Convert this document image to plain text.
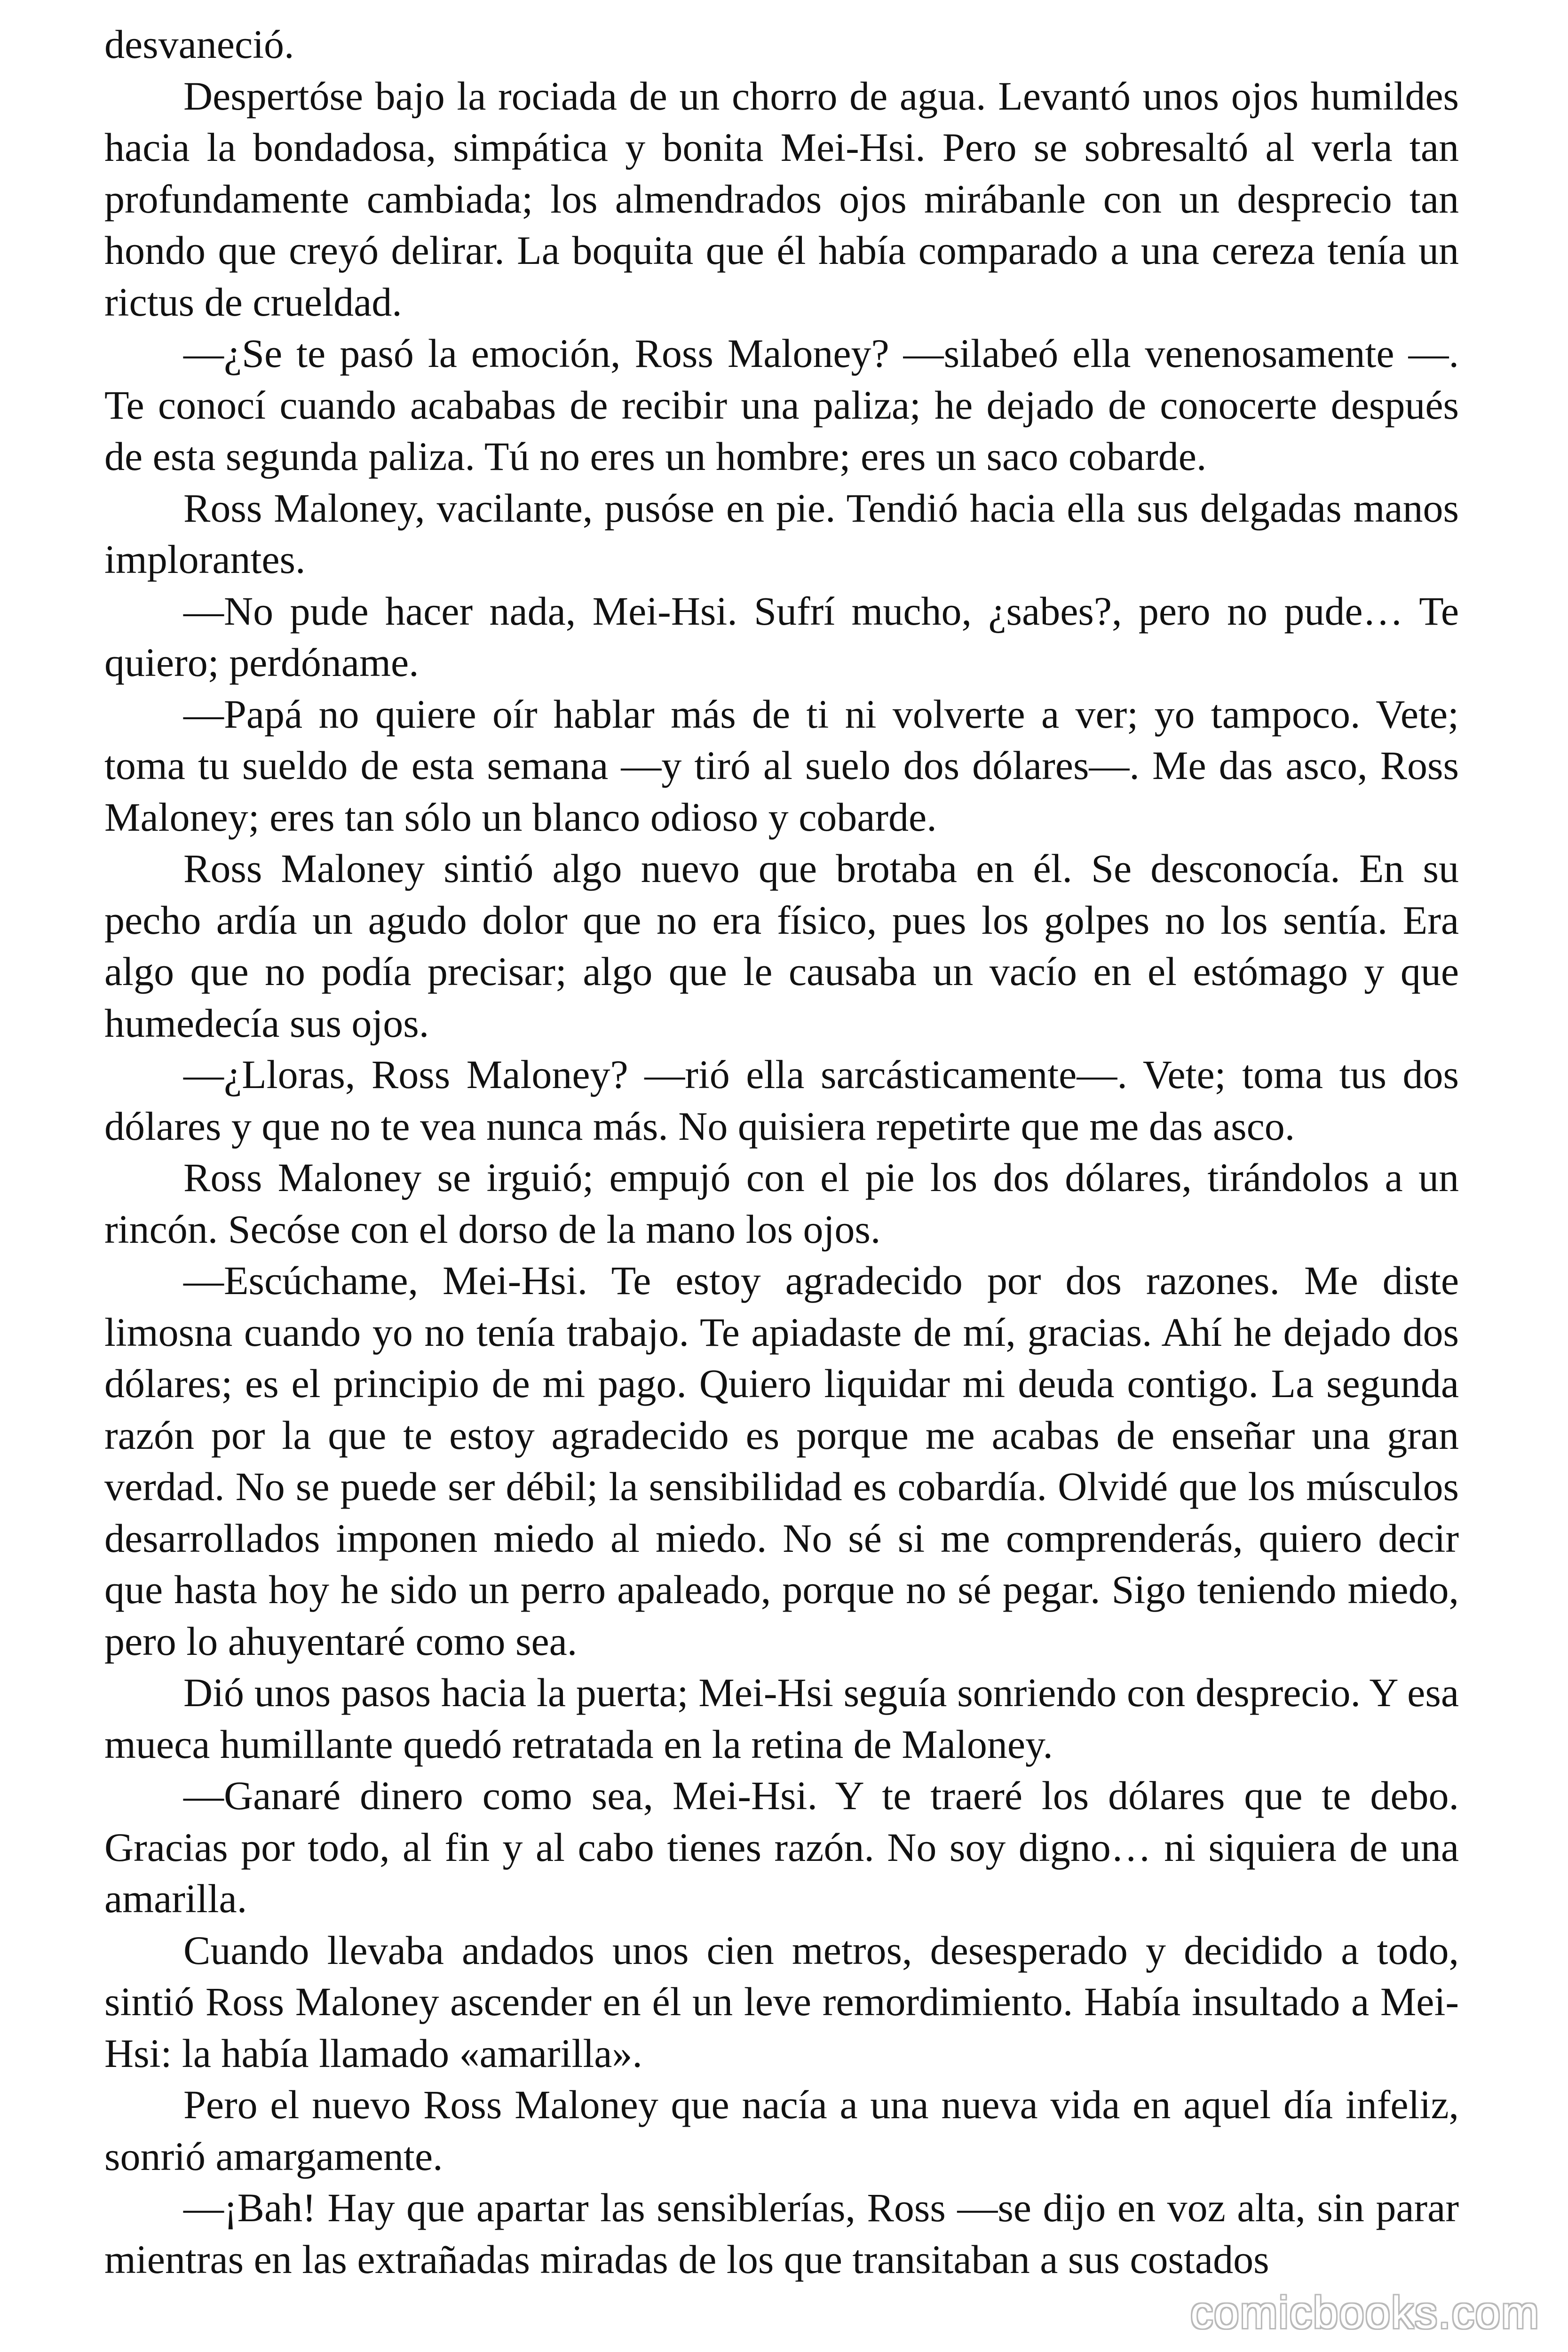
desvaneció.

Despertóse bajo la rociada de un chorro de agua. Levantó unos ojos humildes hacia la bondadosa, simpática y bonita Mei-Hsi. Pero se sobresaltó al verla tan profundamente cambiada; los almendrados ojos mirábanle con un desprecio tan hondo que creyó delirar. La boquita que él había comparado a una cereza tenía un rictus de crueldad.

—¿Se te pasó la emoción, Ross Maloney? —silabeó ella venenosamente —. Te conocí cuando acababas de recibir una paliza; he dejado de conocerte después de esta segunda paliza. Tú no eres un hombre; eres un saco cobarde.

Ross Maloney, vacilante, pusóse en pie. Tendió hacia ella sus delgadas manos implorantes.

—No pude hacer nada, Mei-Hsi. Sufrí mucho, ¿sabes?, pero no pude… Te quiero; perdóname.

—Papá no quiere oír hablar más de ti ni volverte a ver; yo tampoco. Vete; toma tu sueldo de esta semana —y tiró al suelo dos dólares—. Me das asco, Ross Maloney; eres tan sólo un blanco odioso y cobarde.

Ross Maloney sintió algo nuevo que brotaba en él. Se desconocía. En su pecho ardía un agudo dolor que no era físico, pues los golpes no los sentía. Era algo que no podía precisar; algo que le causaba un vacío en el estómago y que humedecía sus ojos.

—¿Lloras, Ross Maloney? —rió ella sarcásticamente—. Vete; toma tus dos dólares y que no te vea nunca más. No quisiera repetirte que me das asco.

Ross Maloney se irguió; empujó con el pie los dos dólares, tirándolos a un rincón. Secóse con el dorso de la mano los ojos.

—Escúchame, Mei-Hsi. Te estoy agradecido por dos razones. Me diste limosna cuando yo no tenía trabajo. Te apiadaste de mí, gracias. Ahí he dejado dos dólares; es el principio de mi pago. Quiero liquidar mi deuda contigo. La segunda razón por la que te estoy agradecido es porque me acabas de enseñar una gran verdad. No se puede ser débil; la sensibilidad es cobardía. Olvidé que los músculos desarrollados imponen miedo al miedo. No sé si me comprenderás, quiero decir que hasta hoy he sido un perro apaleado, porque no sé pegar. Sigo teniendo miedo, pero lo ahuyentaré como sea.

Dió unos pasos hacia la puerta; Mei-Hsi seguía sonriendo con desprecio. Y esa mueca humillante quedó retratada en la retina de Maloney.

—Ganaré dinero como sea, Mei-Hsi. Y te traeré los dólares que te debo. Gracias por todo, al fin y al cabo tienes razón. No soy digno… ni siquiera de una amarilla.

Cuando llevaba andados unos cien metros, desesperado y decidido a todo, sintió Ross Maloney ascender en él un leve remordimiento. Había insultado a Mei-Hsi: la había llamado «amarilla».

Pero el nuevo Ross Maloney que nacía a una nueva vida en aquel día infeliz, sonrió amargamente.

—¡Bah! Hay que apartar las sensiblerías, Ross —se dijo en voz alta, sin parar mientras en las extrañadas miradas de los que transitaban a sus costados

comicbooks.com
